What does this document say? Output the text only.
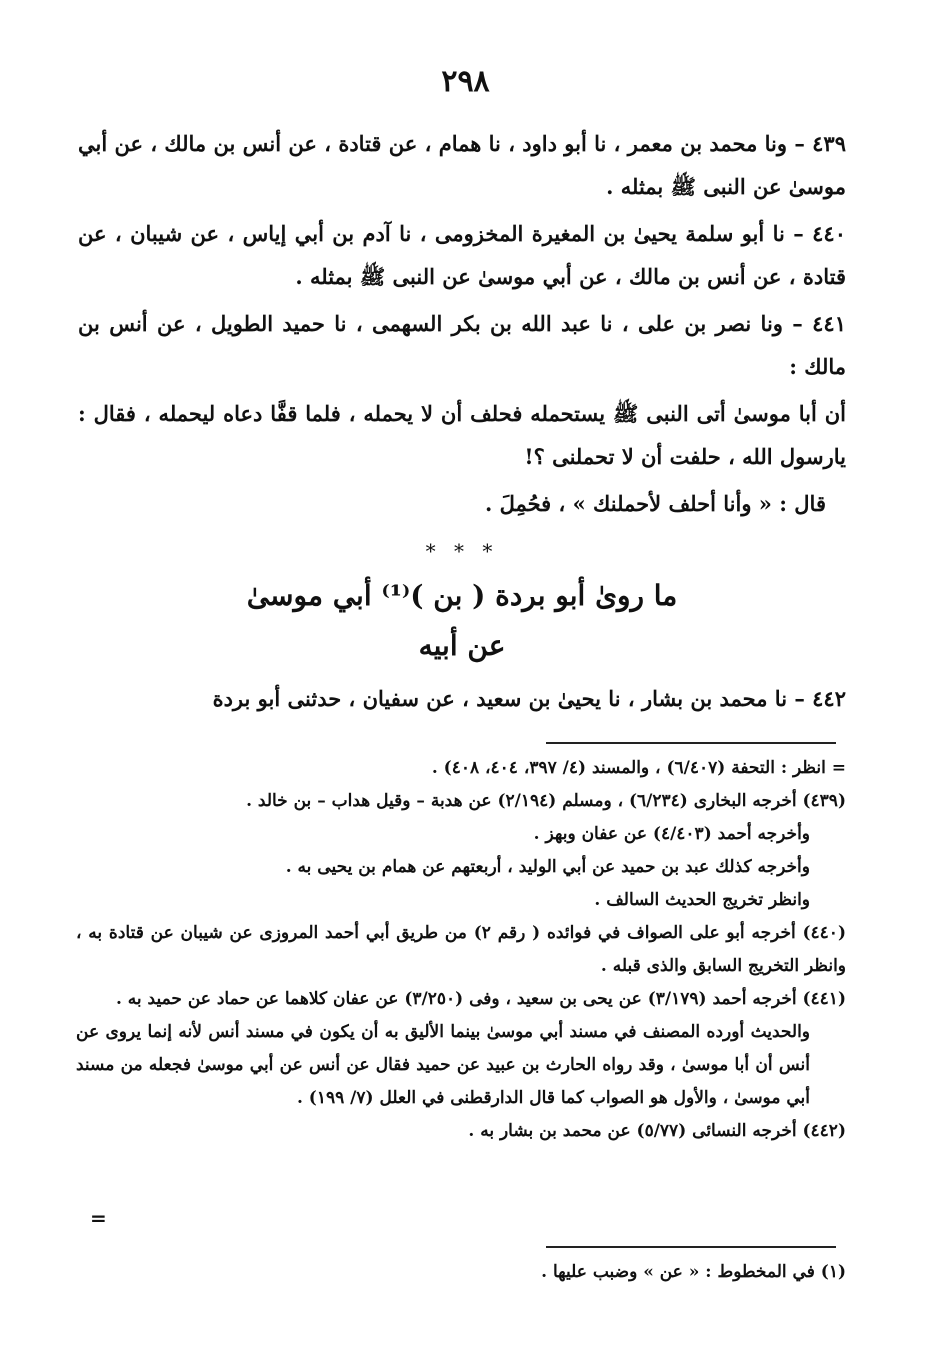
٢٩٨

٤٣٩ – ونا محمد بن معمر ، نا أبو داود ، نا همام ، عن قتادة ، عن أنس بن مالك ، عن أبي موسىٰ عن النبى ﷺ بمثله .

٤٤٠ – نا أبو سلمة يحيىٰ بن المغيرة المخزومى ، نا آدم بن أبي إياس ، عن شيبان ، عن قتادة ، عن أنس بن مالك ، عن أبي موسىٰ عن النبى ﷺ بمثله .

٤٤١ – ونا نصر بن على ، نا عبد الله بن بكر السهمى ، نا حميد الطويل ، عن أنس بن مالك :

أن أبا موسىٰ أتى النبى ﷺ يستحمله فحلف أن لا يحمله ، فلما قفَّا دعاه ليحمله ، فقال : يارسول الله ، حلفت أن لا تحملنى ؟!

قال : « وأنا أحلف لأحملنك » ، فحُمِلَ .

* * *
ما روىٰ أبو بردة ( بن )⁽¹⁾ أبي موسىٰ
عن أبيه

٤٤٢ – نا محمد بن بشار ، نا يحيىٰ بن سعيد ، عن سفيان ، حدثنى أبو بردة

= انظر : التحفة (٦/٤٠٧) ، والمسند (٤/ ٣٩٧، ٤٠٤، ٤٠٨) .

(٤٣٩) أخرجه البخارى (٦/٢٣٤) ، ومسلم (٢/١٩٤) عن هدبة – وقيل هداب – بن خالد .

وأخرجه أحمد (٤/٤٠٣) عن عفان وبهز .

وأخرجه كذلك عبد بن حميد عن أبي الوليد ، أربعتهم عن همام بن يحيى به .

وانظر تخريج الحديث السالف .

(٤٤٠) أخرجه أبو على الصواف في فوائده ( رقم ٢) من طريق أبي أحمد المروزى عن شيبان عن قتادة به ، وانظر التخريج السابق والذى قبله .

(٤٤١) أخرجه أحمد (٣/١٧٩) عن يحى بن سعيد ، وفى (٣/٢٥٠) عن عفان كلاهما عن حماد عن حميد به .

والحديث أورده المصنف في مسند أبي موسىٰ بينما الأليق به أن يكون في مسند أنس لأنه إنما يروى عن أنس أن أبا موسىٰ ، وقد رواه الحارث بن عبيد عن حميد فقال عن أنس عن أبي موسىٰ فجعله من مسند أبي موسىٰ ، والأول هو الصواب كما قال الدارقطنى في العلل (٧/ ١٩٩) .

(٤٤٢) أخرجه النسائى (٥/٧٧) عن محمد بن بشار به .

=
(١) في المخطوط : « عن » وضبب عليها .
